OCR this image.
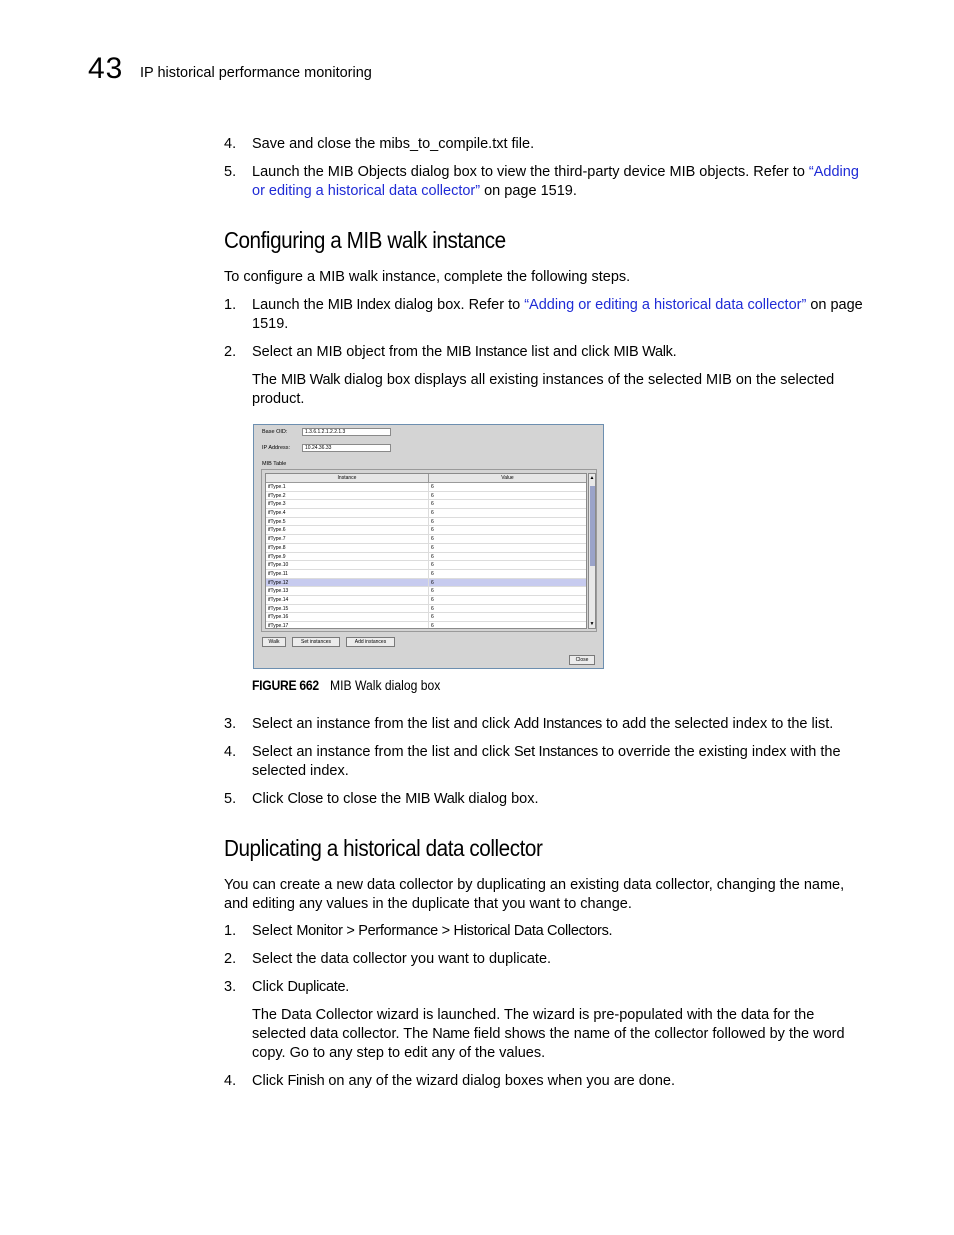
43 IP historical performance monitoring
4. Save and close the mibs_to_compile.txt file.
5. Launch the MIB Objects dialog box to view the third-party device MIB objects. Refer to “Adding or editing a historical data collector” on page 1519.
Configuring a MIB walk instance
To configure a MIB walk instance, complete the following steps.
1. Launch the MIB Index dialog box. Refer to “Adding or editing a historical data collector” on page 1519.
2. Select an MIB object from the MIB Instance list and click MIB Walk.
The MIB Walk dialog box displays all existing instances of the selected MIB on the selected product.
Base OID:	1.3.6.1.2.1.2.2.1.3
IP Address:	10.24.36.33
MIB Table
Instance	Value
ifType.1	6
ifType.2	6
ifType.3	6
ifType.4	6
ifType.5	6
ifType.6	6
ifType.7	6
ifType.8	6
ifType.9	6
ifType.10	6
ifType.11	6
ifType.12	6
ifType.13	6
ifType.14	6
ifType.15	6
ifType.16	6
ifType.17	6
▲
▼
Walk	Set instances	Add instances
Close
FIGURE 662 MIB Walk dialog box
3. Select an instance from the list and click Add Instances to add the selected index to the list.
4. Select an instance from the list and click Set Instances to override the existing index with the selected index.
5. Click Close to close the MIB Walk dialog box.
Duplicating a historical data collector
You can create a new data collector by duplicating an existing data collector, changing the name, and editing any values in the duplicate that you want to change.
1. Select Monitor > Performance > Historical Data Collectors.
2. Select the data collector you want to duplicate.
3. Click Duplicate.
The Data Collector wizard is launched. The wizard is pre-populated with the data for the selected data collector. The Name field shows the name of the collector followed by the word copy. Go to any step to edit any of the values.
4. Click Finish on any of the wizard dialog boxes when you are done.
